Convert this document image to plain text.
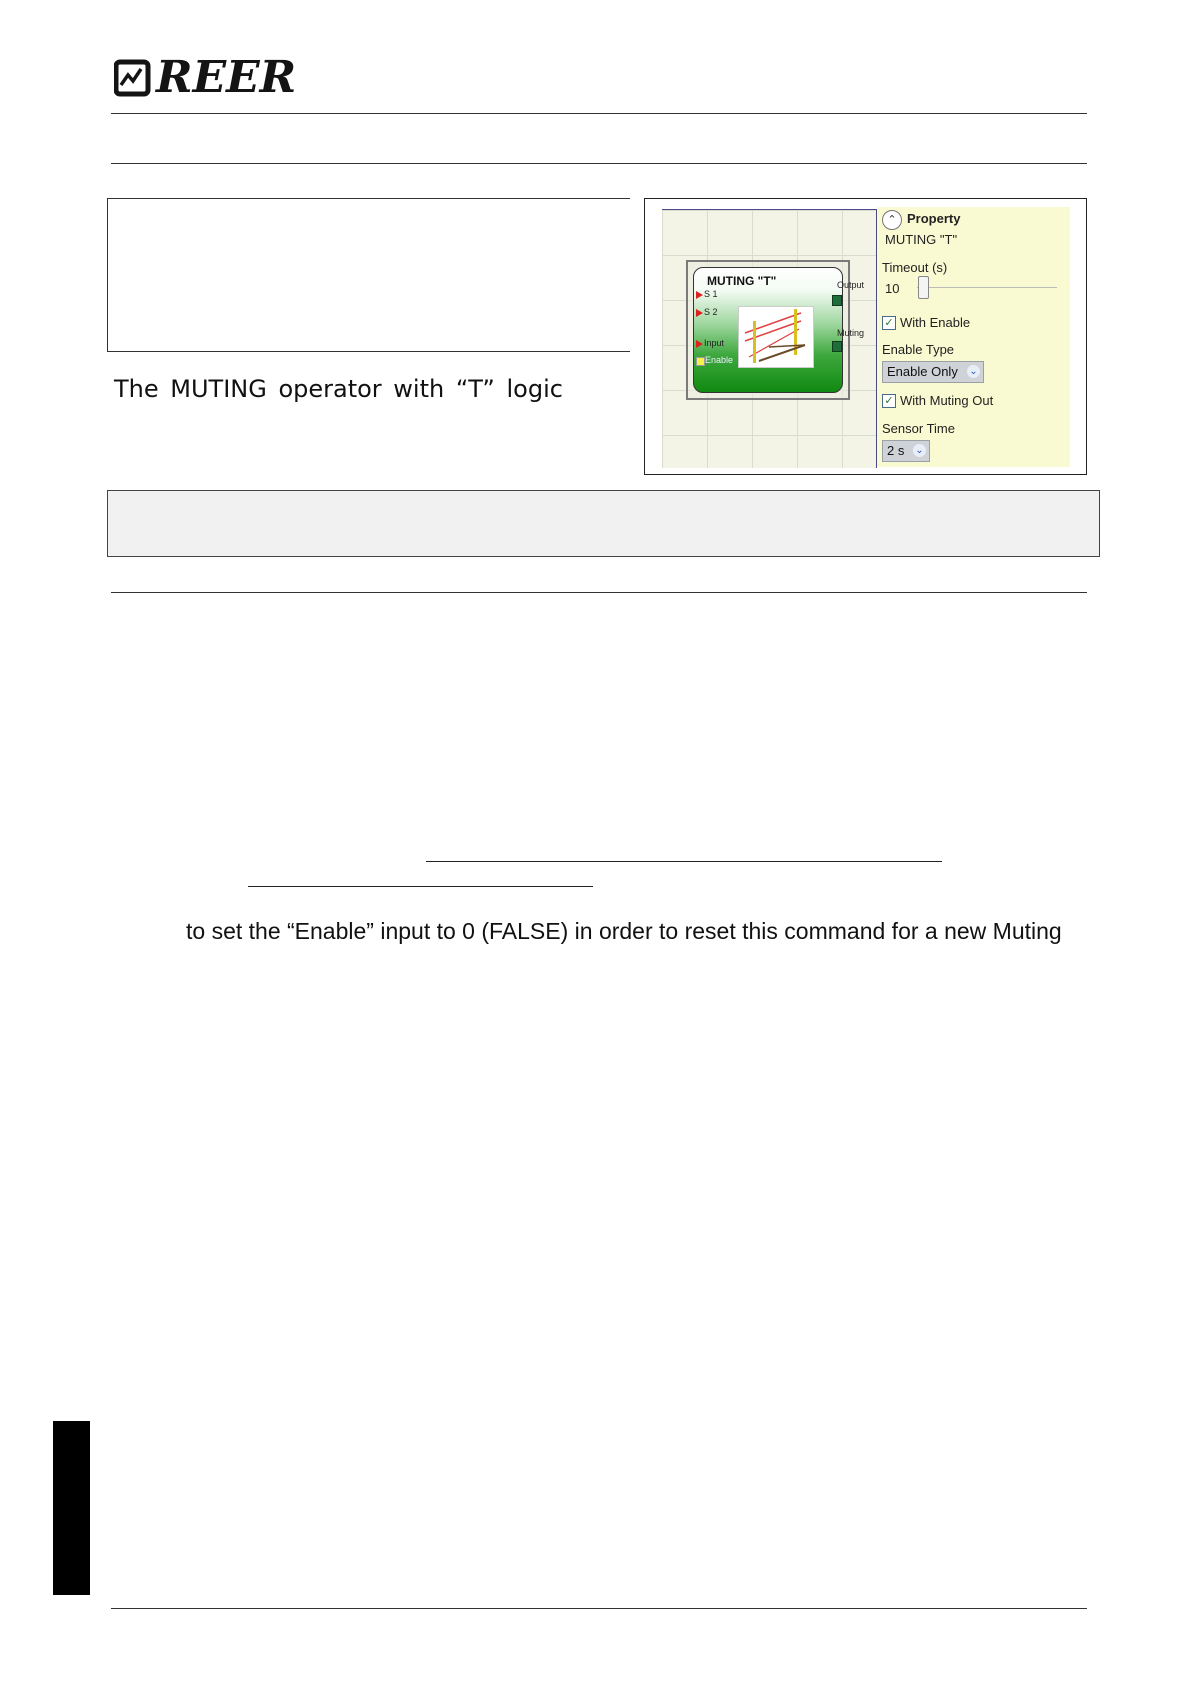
REER
The MUTING operator with “T” logic
MUTING "T"
S 1
S 2
Input
Enable
Output
Muting
⌃ Property
MUTING "T"
Timeout (s)
10
✓ With Enable
Enable Type
Enable Only ⌄
✓ With Muting Out
Sensor Time
2 s ⌄
to set the “Enable” input to 0 (FALSE) in order to reset this command for a new Muting
